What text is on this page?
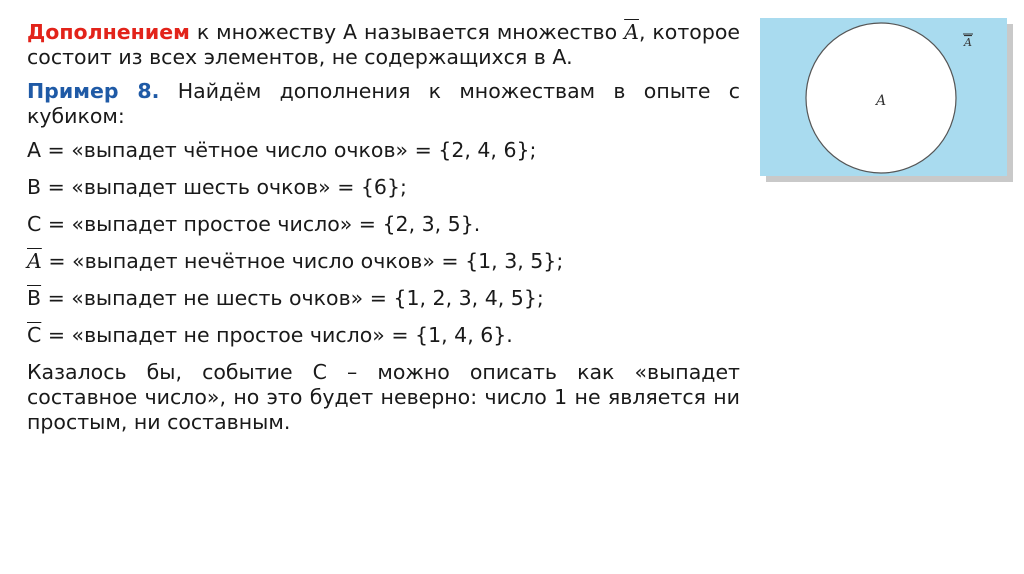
Дополнением к множеству A называется множество $\overline{A}$, которое состоит из всех элементов, не содержащихся в A.

Пример 8. Найдём дополнения к множествам в опыте с кубиком:

A = «выпадет чётное число очков» = {2, 4, 6};

B = «выпадет шесть очков» = {6};

C = «выпадет простое число» = {2, 3, 5}.

$\overline{A}$ = «выпадет нечётное число очков» = {1, 3, 5};

$\overline{B}$ = «выпадет не шесть очков» = {1, 2, 3, 4, 5};

$\overline{C}$ = «выпадет не простое число» = {1, 4, 6}.

Казалось бы, событие C – можно описать как «выпадет составное число», но это будет неверно: число 1 не является ни простым, ни составным.

A
A
